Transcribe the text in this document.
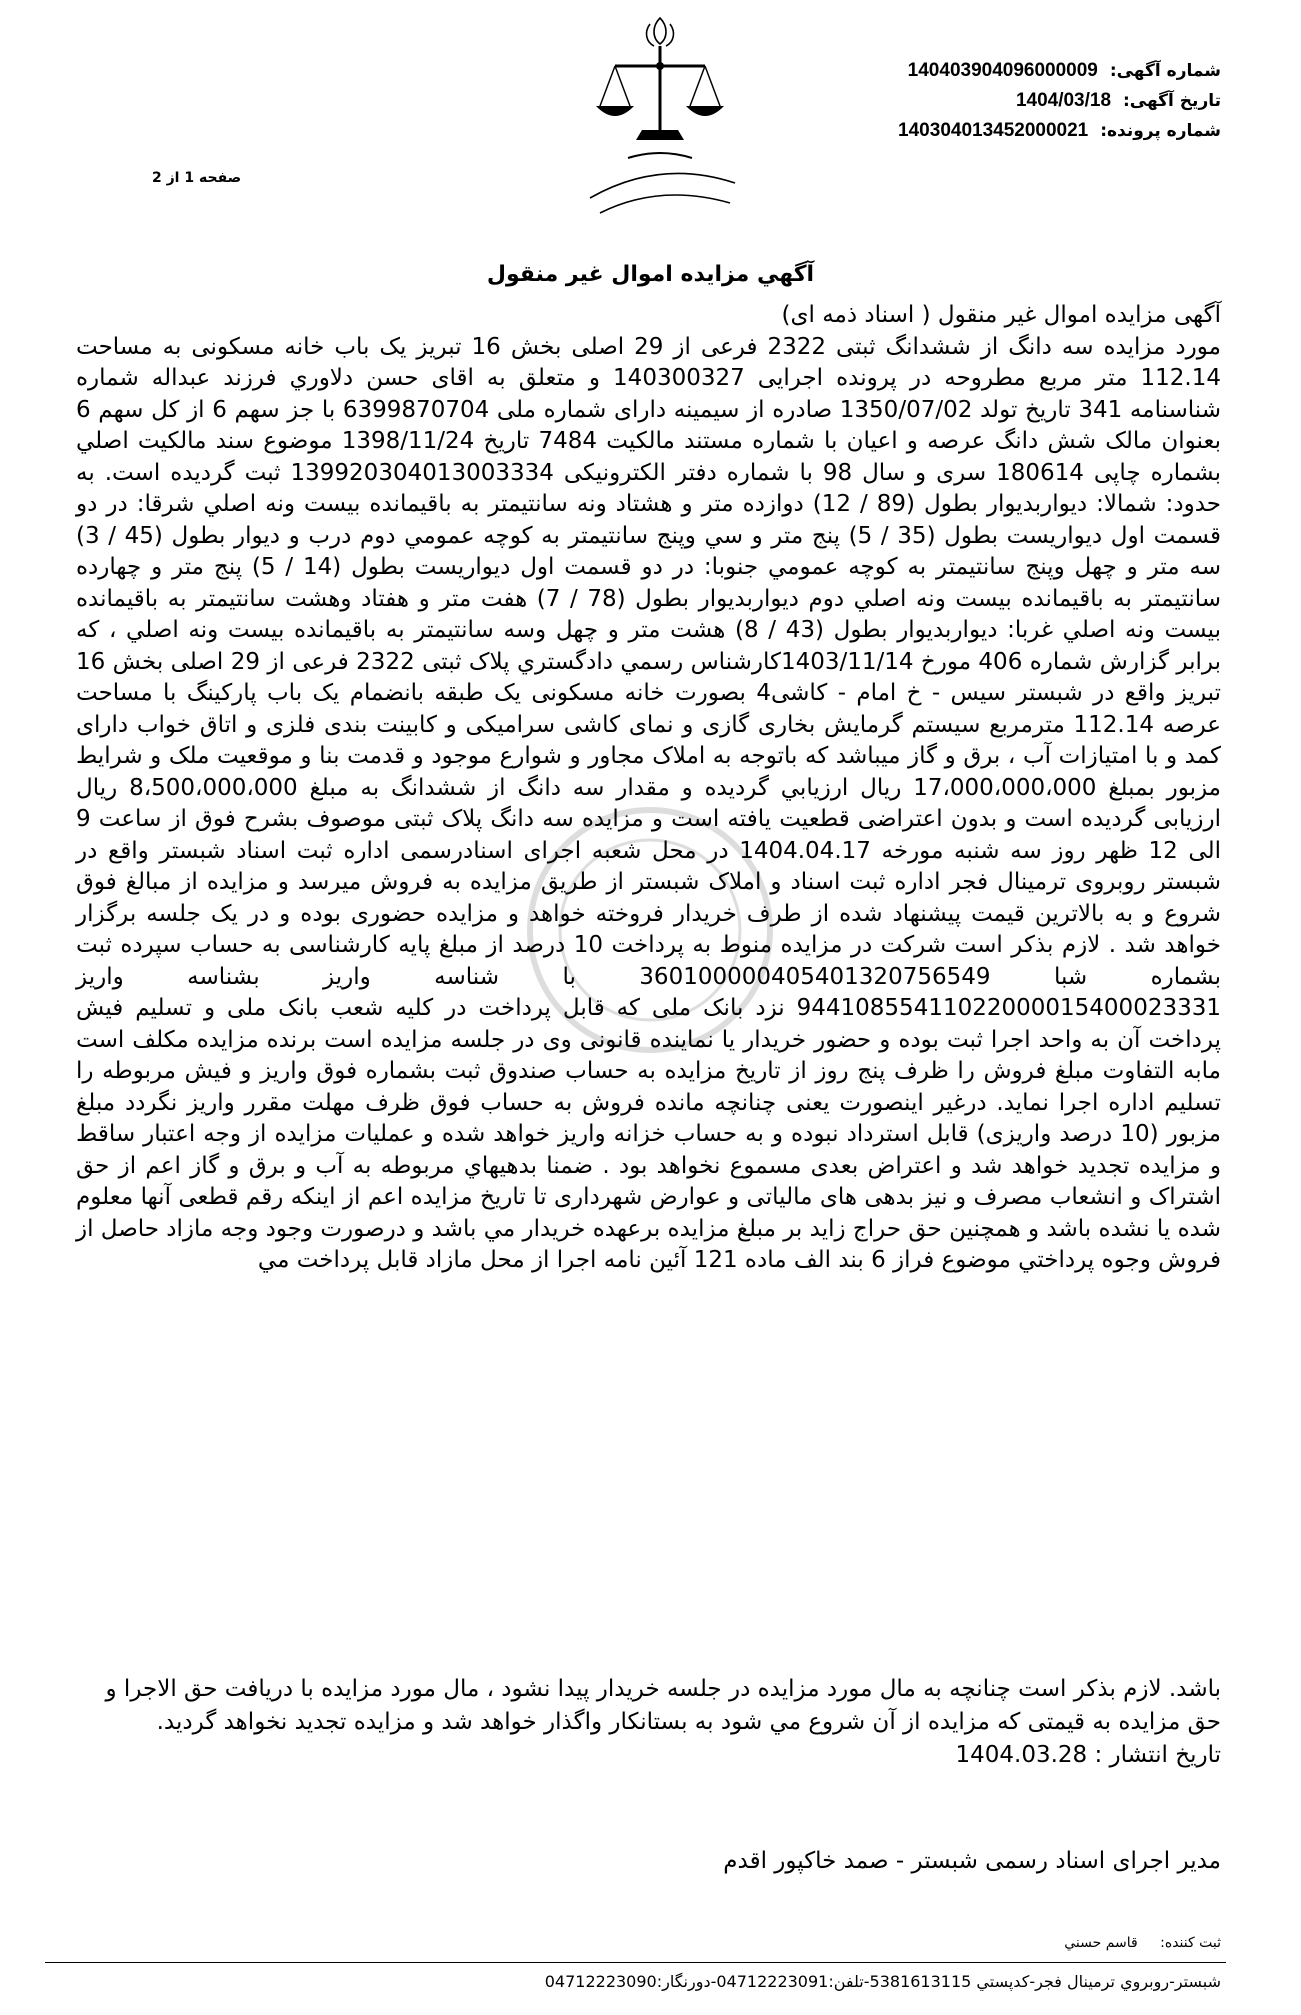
شماره آگهی: 140403904096000009
تاریخ آگهی: 1404/03/18
شماره پرونده: 14030401345200002‌1
صفحه 1 از 2
آگهي مزايده اموال غير منقول
آگهی مزایده اموال غیر منقول ( اسناد ذمه ای)
مورد مزايده سه دانگ از ششدانگ ثبتی 2322 فرعی از 29 اصلی بخش 16 تبریز یک باب خانه مسكونی به مساحت 112.14 متر مربع مطروحه در پرونده اجرایی 140300327 و متعلق به اقای حسن دلاوري فرزند عبداله شماره شناسنامه 341 تاریخ تولد 1350/07/02 صادره از سیمینه دارای شماره ملی 6399870704 با جز سهم 6 از کل سهم 6 بعنوان مالک شش دانگ عرصه و اعیان با شماره مستند مالکیت 7484 تاریخ 1398/11/24 موضوع سند مالكيت اصلي بشماره چاپی 180614 سری و سال 98 با شماره دفتر الکترونیکی 139920304013003334 ثبت گرديده است. به حدود: شمالا: دیواربدیوار بطول (89 / 12) دوازده متر و هشتاد ونه سانتیمتر به باقیمانده بیست ونه اصلي شرقا: در دو قسمت اول دیواریست بطول (35 / 5) پنج متر و سي وپنج سانتیمتر به کوچه عمومي دوم درب و دیوار بطول (45 / 3) سه متر و چهل وپنج سانتیمتر به کوچه عمومي جنوبا: در دو قسمت اول دیواریست بطول (14 / 5) پنج متر و چهارده سانتیمتر به باقیمانده بیست ونه اصلي دوم دیواربدیوار بطول (78 / 7) هفت متر و هفتاد وهشت سانتیمتر به باقیمانده بیست ونه اصلي غربا: دیواربدیوار بطول (43 / 8) هشت متر و چهل وسه سانتیمتر به باقیمانده بیست ونه اصلي ، كه برابر گزارش شماره 406 مورخ 1403/11/14کارشناس رسمي دادگستري پلاک ثبتی 2322 فرعی از 29 اصلی بخش 16 تبریز واقع در شبستر سیس - خ امام - کاشی4 بصورت خانه مسکونی یک طبقه بانضمام یک باب پارکینگ با مساحت عرصه 112.14 مترمربع سیستم گرمایش بخاری گازی و نمای کاشی سرامیکی و کابینت بندی فلزی و اتاق خواب دارای کمد و با امتیازات آب ، برق و گاز میباشد كه باتوجه به املاک مجاور و شوارع موجود و قدمت بنا و موقعیت ملک و شرایط مزبور بمبلغ 17،000،000،000 ريال ارزيابي گرديده و مقدار سه دانگ از ششدانگ به مبلغ 8،500،000،000 ریال ارزیابی گردیده است و بدون اعتراضی قطعیت یافته است و مزایده سه دانگ پلاک ثبتی موصوف بشرح فوق از ساعت 9 الی 12 ظهر روز سه شنبه مورخه 1404.04.17 در محل شعبه اجرای اسنادرسمی اداره ثبت اسناد شبستر واقع در شبستر روبروی ترمینال فجر اداره ثبت اسناد و املاک شبستر از طريق مزايده به فروش ميرسد و مزايده از مبالغ فوق شروع و به بالاترين قيمت پيشنهاد شده از طرف خريدار فروخته خواهد و مزایده حضوری بوده و در یک جلسه برگزار خواهد شد . لازم بذكر است شركت در مزايده منوط به پرداخت 10 درصد از مبلغ پایه کارشناسی به حساب سپرده ثبت بشماره شبا 360100000405401320756549 با شناسه واریز بشناسه واریز 94410855411022000015400023331 نزد بانک ملی که قابل پرداخت در کلیه شعب بانک ملی و تسليم فیش پرداخت آن به واحد اجرا ثبت بوده و حضور خريدار يا نماينده قانونی وی در جلسه مزايده است برنده مزايده مكلف است مابه التفاوت مبلغ فروش را ظرف پنج روز از تاريخ مزايده به حساب صندوق ثبت بشماره فوق واريز و فیش مربوطه را تسليم اداره اجرا نمايد. درغير اينصورت يعنی چنانچه مانده فروش به حساب فوق ظرف مهلت مقرر واريز نگردد مبلغ مزبور (10 درصد واريزی) قابل استرداد نبوده و به حساب خزانه واريز خواهد شده و عمليات مزايده از وجه اعتبار ساقط و مزايده تجديد خواهد شد و اعتراض بعدی مسموع نخواهد بود . ضمنا بدهيهاي مربوطه به آب و برق و گاز اعم از حق اشتراک و انشعاب مصرف و نيز بدهی های مالياتی و عوارض شهرداری تا تاريخ مزايده اعم از اينكه رقم قطعی آنها معلوم شده يا نشده باشد و همچنين حق حراج زايد بر مبلغ مزايده برعهده خريدار مي باشد و درصورت وجود وجه مازاد حاصل از فروش وجوه پرداختي موضوع فراز 6 بند الف ماده 121 آئين نامه اجرا از محل مازاد قابل پرداخت مي
باشد. لازم بذكر است چنانچه به مال مورد مزايده در جلسه خريدار پيدا نشود ، مال مورد مزايده با دريافت حق الاجرا و حق مزايده به قيمتی كه مزايده از آن شروع مي شود به بستانكار واگذار خواهد شد و مزايده تجديد نخواهد گرديد.
تاریخ انتشار : 1404.03.28
مدیر اجرای اسناد رسمی شبستر - صمد خاکپور اقدم
ثبت كننده: قاسم حسني
شبستر-روبروي ترمينال فجر-كدپستي 5381613115-تلفن:04712223091-دورنگار:04712223090
